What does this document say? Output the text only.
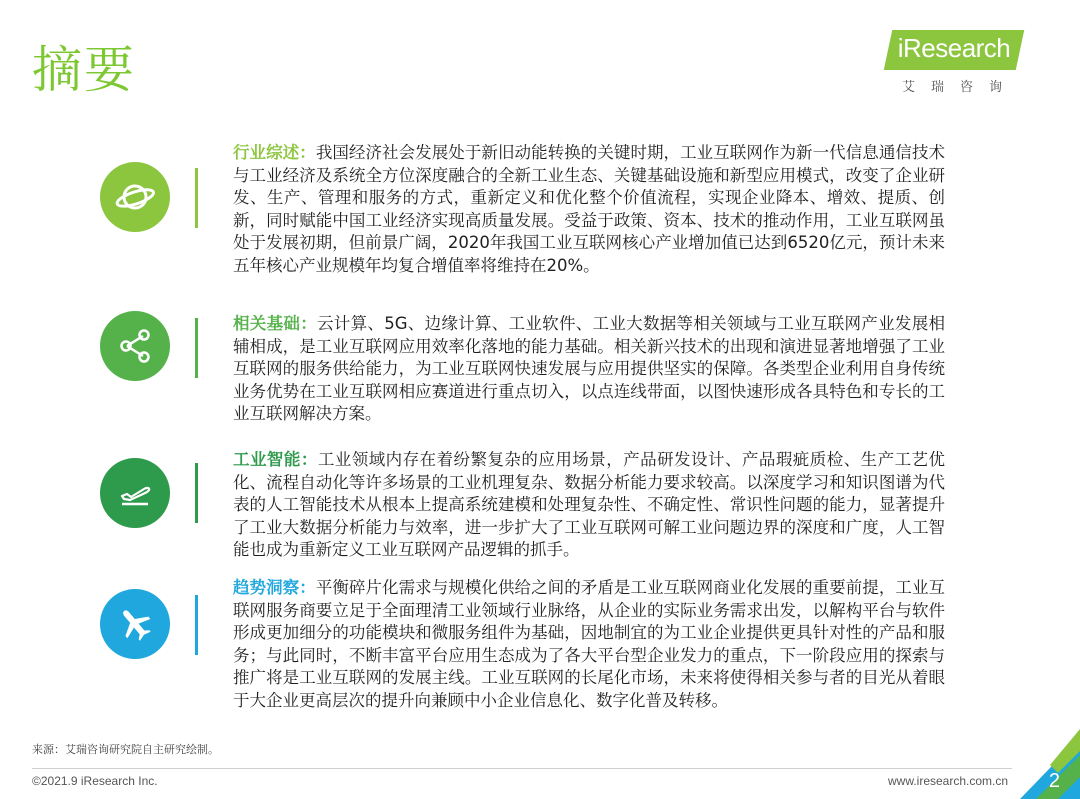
摘要	iResearch
艾瑞咨询
行业综述：我国经济社会发展处于新旧动能转换的关键时期，工业互联网作为新一代信息通信技术与工业经济及系统全方位深度融合的全新工业生态、关键基础设施和新型应用模式，改变了企业研发、生产、管理和服务的方式，重新定义和优化整个价值流程，实现企业降本、增效、提质、创新，同时赋能中国工业经济实现高质量发展。受益于政策、资本、技术的推动作用，工业互联网虽处于发展初期，但前景广阔，2020年我国工业互联网核心产业增加值已达到6520亿元，预计未来五年核心产业规模年均复合增值率将维持在20%。
相关基础：云计算、5G、边缘计算、工业软件、工业大数据等相关领域与工业互联网产业发展相辅相成，是工业互联网应用效率化落地的能力基础。相关新兴技术的出现和演进显著地增强了工业互联网的服务供给能力，为工业互联网快速发展与应用提供坚实的保障。各类型企业利用自身传统业务优势在工业互联网相应赛道进行重点切入，以点连线带面，以图快速形成各具特色和专长的工业互联网解决方案。
工业智能：工业领域内存在着纷繁复杂的应用场景，产品研发设计、产品瑕疵质检、生产工艺优化、流程自动化等许多场景的工业机理复杂、数据分析能力要求较高。以深度学习和知识图谱为代表的人工智能技术从根本上提高系统建模和处理复杂性、不确定性、常识性问题的能力，显著提升了工业大数据分析能力与效率，进一步扩大了工业互联网可解工业问题边界的深度和广度，人工智能也成为重新定义工业互联网产品逻辑的抓手。
趋势洞察：平衡碎片化需求与规模化供给之间的矛盾是工业互联网商业化发展的重要前提，工业互联网服务商要立足于全面理清工业领域行业脉络，从企业的实际业务需求出发，以解构平台与软件形成更加细分的功能模块和微服务组件为基础，因地制宜的为工业企业提供更具针对性的产品和服务；与此同时，不断丰富平台应用生态成为了各大平台型企业发力的重点，下一阶段应用的探索与推广将是工业互联网的发展主线。工业互联网的长尾化市场，未来将使得相关参与者的目光从着眼于大企业更高层次的提升向兼顾中小企业信息化、数字化普及转移。
来源：艾瑞咨询研究院自主研究绘制。
©2021.9 iResearch Inc.	www.iresearch.com.cn 2
